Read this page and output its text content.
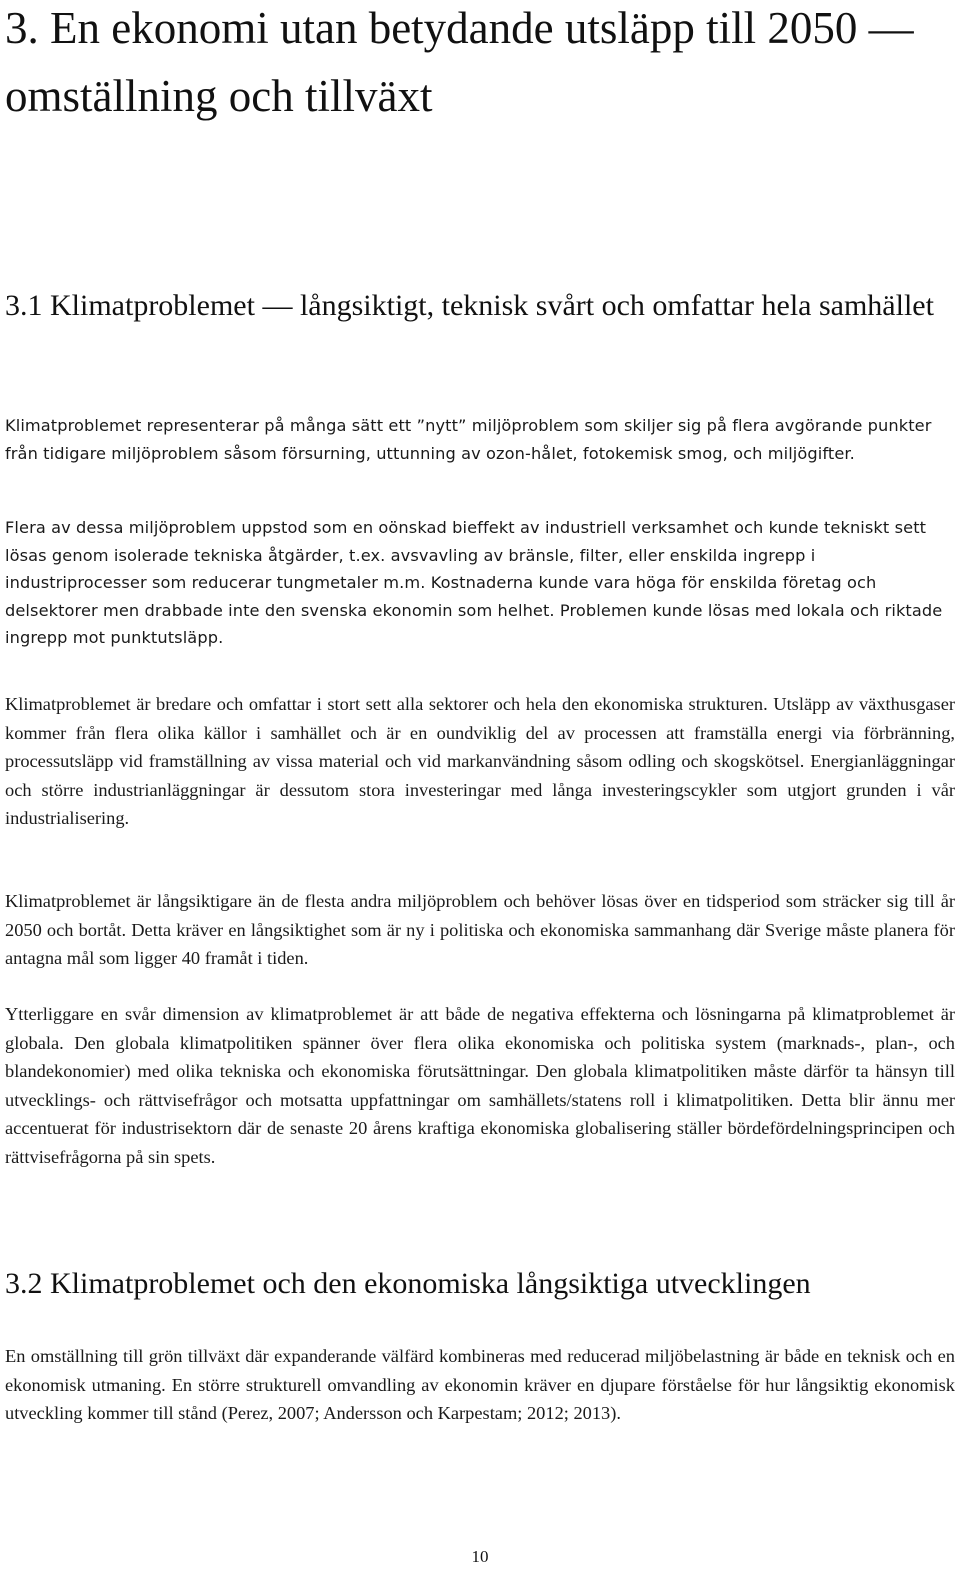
3. En ekonomi utan betydande utsläpp till 2050 — omställning och tillväxt
3.1 Klimatproblemet — långsiktigt, teknisk svårt och omfattar hela samhället

Klimatproblemet representerar på många sätt ett ”nytt” miljöproblem som skiljer sig på flera avgörande punkter från tidigare miljöproblem såsom försurning, uttunning av ozon-hålet, fotokemisk smog, och miljögifter.

Flera av dessa miljöproblem uppstod som en oönskad bieffekt av industriell verksamhet och kunde tekniskt sett lösas genom isolerade tekniska åtgärder, t.ex. avsvavling av bränsle, filter, eller enskilda ingrepp i industriprocesser som reducerar tungmetaler m.m. Kostnaderna kunde vara höga för enskilda företag och delsektorer men drabbade inte den svenska ekonomin som helhet. Problemen kunde lösas med lokala och riktade ingrepp mot punktutsläpp.

Klimatproblemet är bredare och omfattar i stort sett alla sektorer och hela den ekonomiska strukturen. Utsläpp av växthusgaser kommer från flera olika källor i samhället och är en oundviklig del av processen att framställa energi via förbränning, processutsläpp vid framställning av vissa material och vid markanvändning såsom odling och skogskötsel. Energianläggningar och större industrianläggningar är dessutom stora investeringar med långa investeringscykler som utgjort grunden i vår industrialisering.

Klimatproblemet är långsiktigare än de flesta andra miljöproblem och behöver lösas över en tidsperiod som sträcker sig till år 2050 och bortåt. Detta kräver en långsiktighet som är ny i politiska och ekonomiska sammanhang där Sverige måste planera för antagna mål som ligger 40 framåt i tiden.

Ytterliggare en svår dimension av klimatproblemet är att både de negativa effekterna och lösningarna på klimatproblemet är globala. Den globala klimatpolitiken spänner över flera olika ekonomiska och politiska system (marknads-, plan-, och blandekonomier) med olika tekniska och ekonomiska förutsättningar. Den globala klimatpolitiken måste därför ta hänsyn till utvecklings- och rättvisefrågor och motsatta uppfattningar om samhällets/statens roll i klimatpolitiken. Detta blir ännu mer accentuerat för industrisektorn där de senaste 20 årens kraftiga ekonomiska globalisering ställer bördefördelningsprincipen och rättvisefrågorna på sin spets.

3.2 Klimatproblemet och den ekonomiska långsiktiga utvecklingen

En omställning till grön tillväxt där expanderande välfärd kombineras med reducerad miljöbelastning är både en teknisk och en ekonomisk utmaning. En större strukturell omvandling av ekonomin kräver en djupare förståelse för hur långsiktig ekonomisk utveckling kommer till stånd (Perez, 2007; Andersson och Karpestam; 2012; 2013).

10
